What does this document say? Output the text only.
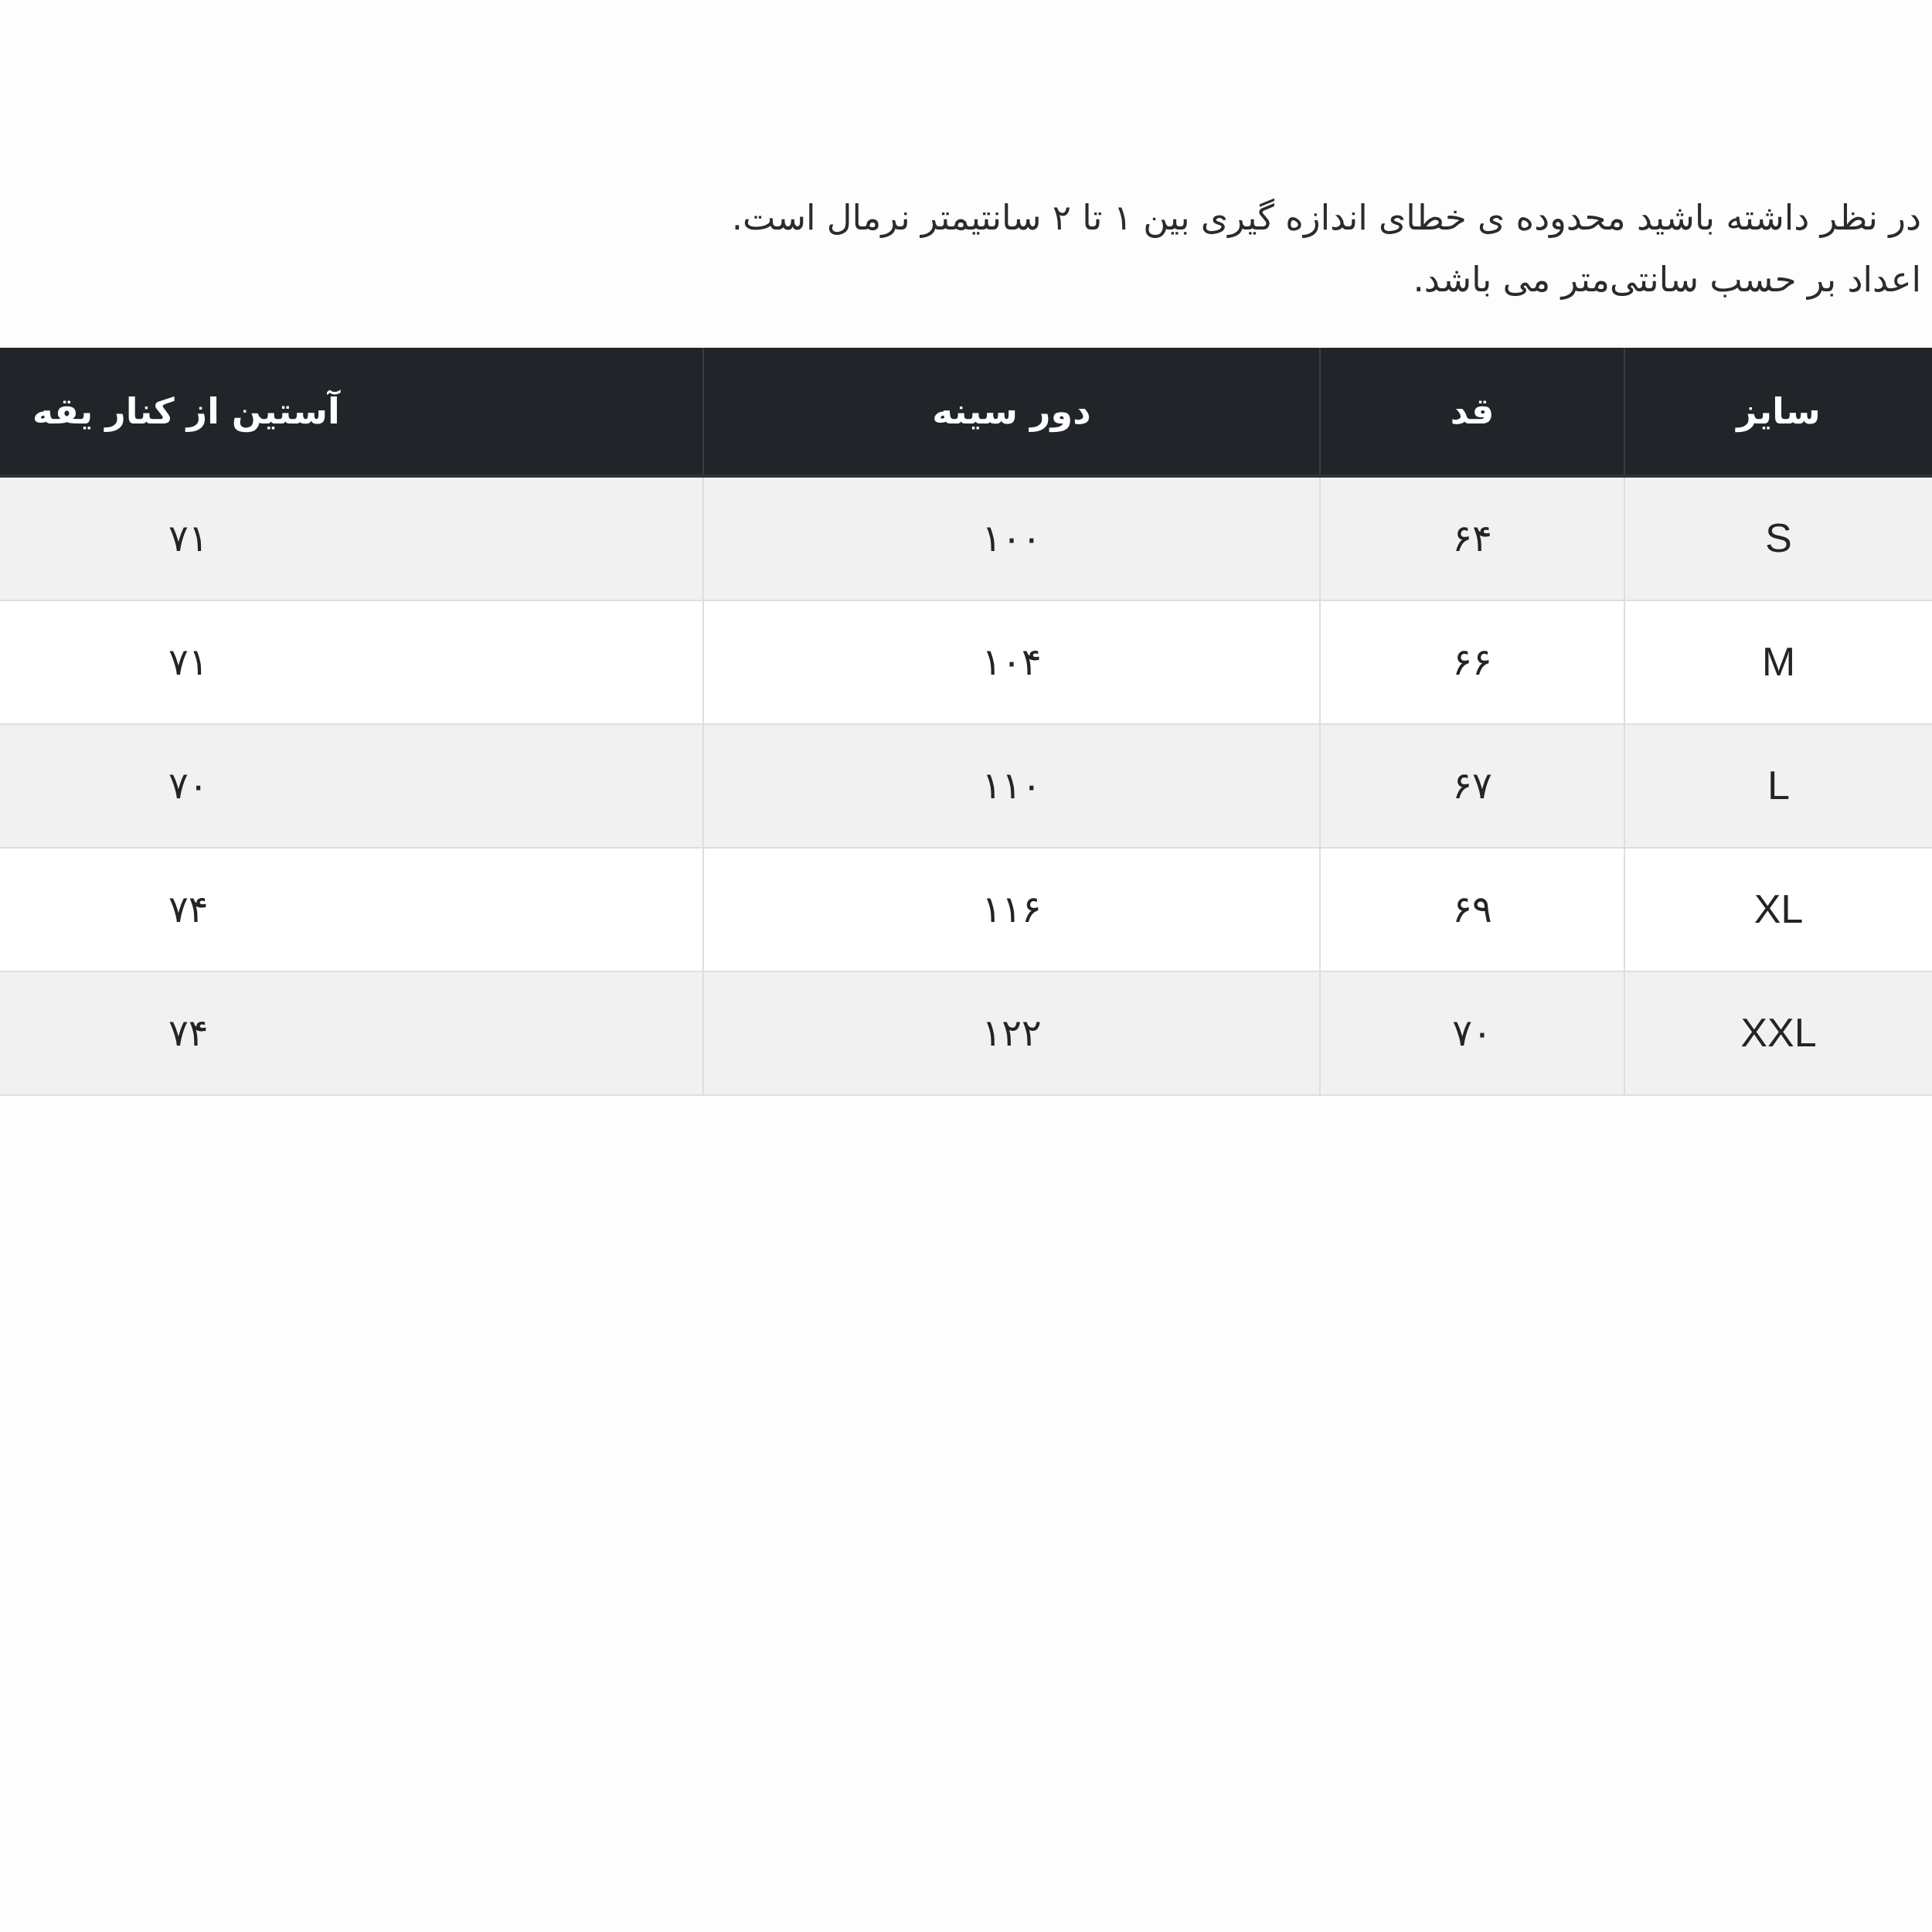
در نظر داشته باشید محدوده ی خطای اندازه گیری بین ۱ تا ۲ سانتیمتر نرمال است.
اعداد بر حسب سانتی‌متر می باشد.
سایز	قد	دور سینه	آستین از کنار یقه
S	۶۴	۱۰۰	۷۱
M	۶۶	۱۰۴	۷۱
L	۶۷	۱۱۰	۷۰
XL	۶۹	۱۱۶	۷۴
XXL	۷۰	۱۲۲	۷۴
